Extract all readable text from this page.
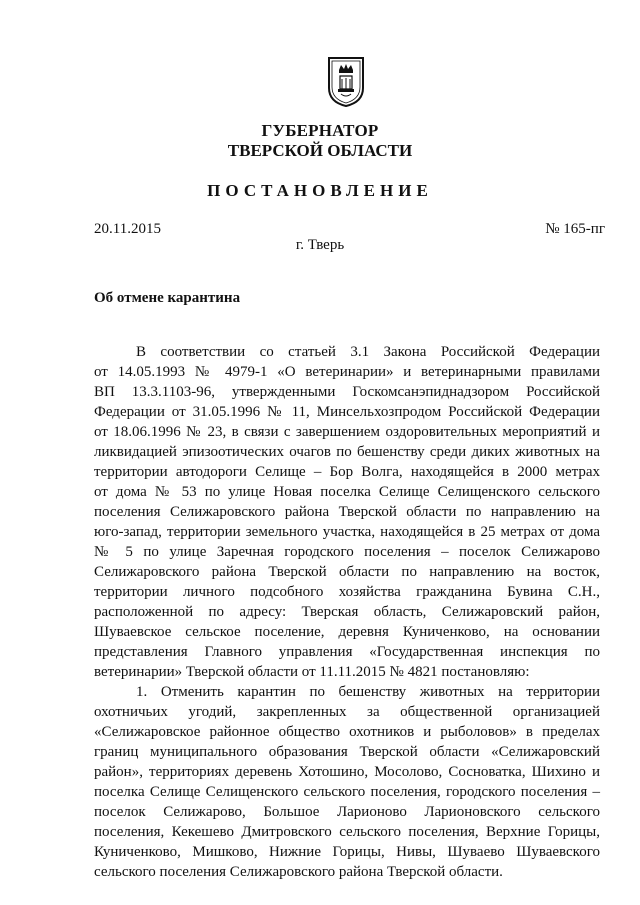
ГУБЕРНАТОР
ТВЕРСКОЙ ОБЛАСТИ
ПОСТАНОВЛЕНИЕ
20.11.2015	№ 165-пг
г. Тверь
Об отмене карантина
В соответствии со статьей 3.1 Закона Российской Федерации
от 14.05.1993 № 4979-1 «О ветеринарии» и ветеринарными правилами
ВП 13.3.1103-96, утвержденными Госкомсанэпиднадзором Российской
Федерации от 31.05.1996 № 11, Минсельхозпродом Российской Федерации
от 18.06.1996 № 23, в связи с завершением оздоровительных мероприятий и
ликвидацией эпизоотических очагов по бешенству среди диких животных на
территории автодороги Селище – Бор Волга, находящейся в 2000 метрах
от дома № 53 по улице Новая поселка Селище Селищенского сельского
поселения Селижаровского района Тверской области по направлению на
юго-запад, территории земельного участка, находящейся в 25 метрах от дома
№ 5 по улице Заречная городского поселения – поселок Селижарово
Селижаровского района Тверской области по направлению на восток,
территории личного подсобного хозяйства гражданина Бувина С.Н.,
расположенной по адресу: Тверская область, Селижаровский район,
Шуваевское сельское поселение, деревня Куниченково, на основании
представления Главного управления «Государственная инспекция по
ветеринарии» Тверской области от 11.11.2015 № 4821 постановляю:
1. Отменить карантин по бешенству животных на территории
охотничьих угодий, закрепленных за общественной организацией
«Селижаровское районное общество охотников и рыболовов» в пределах
границ муниципального образования Тверской области «Селижаровский
район», территориях деревень Хотошино, Мосолово, Сосноватка, Шихино и
поселка Селище Селищенского сельского поселения, городского поселения –
поселок Селижарово, Большое Ларионово Ларионовского сельского
поселения, Кекешево Дмитровского сельского поселения, Верхние Горицы,
Куниченково, Мишково, Нижние Горицы, Нивы, Шуваево Шуваевского
сельского поселения Селижаровского района Тверской области.
